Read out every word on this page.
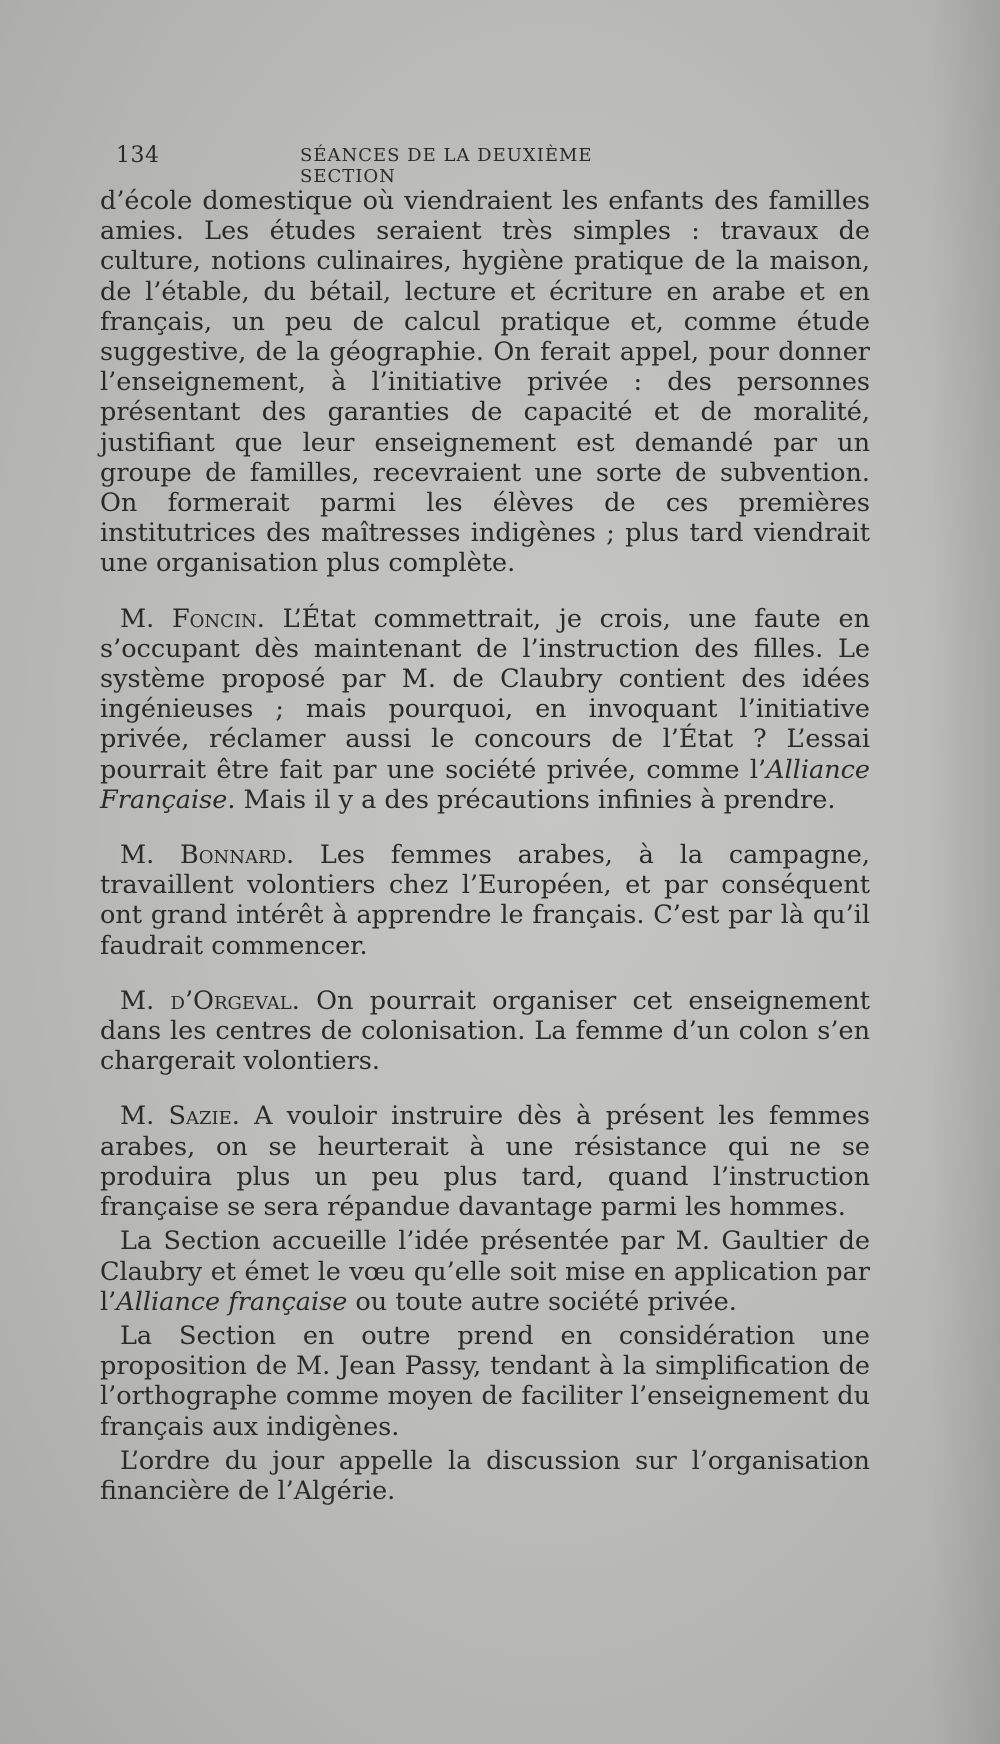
134	SÉANCES DE LA DEUXIÈME SECTION

d’école domestique où viendraient les enfants des familles amies. Les études seraient très simples : travaux de culture, notions culinaires, hygiène pratique de la maison, de l’étable, du bétail, lecture et écriture en arabe et en français, un peu de calcul pratique et, comme étude suggestive, de la géographie. On ferait appel, pour donner l’enseignement, à l’initiative privée : des personnes présentant des garanties de capacité et de moralité, justifiant que leur enseignement est demandé par un groupe de familles, recevraient une sorte de subvention. On formerait parmi les élèves de ces premières institutrices des maîtresses indigènes ; plus tard viendrait une organisation plus complète.

M. Foncin. L’État commettrait, je crois, une faute en s’occupant dès maintenant de l’instruction des filles. Le système proposé par M. de Claubry contient des idées ingénieuses ; mais pourquoi, en invoquant l’initiative privée, réclamer aussi le concours de l’État ? L’essai pourrait être fait par une société privée, comme l’Alliance Française. Mais il y a des précautions infinies à prendre.

M. Bonnard. Les femmes arabes, à la campagne, travaillent volontiers chez l’Européen, et par conséquent ont grand intérêt à apprendre le français. C’est par là qu’il faudrait commencer.

M. d’Orgeval. On pourrait organiser cet enseignement dans les centres de colonisation. La femme d’un colon s’en chargerait volontiers.

M. Sazie. A vouloir instruire dès à présent les femmes arabes, on se heurterait à une résistance qui ne se produira plus un peu plus tard, quand l’instruction française se sera répandue davantage parmi les hommes.

La Section accueille l’idée présentée par M. Gaultier de Claubry et émet le vœu qu’elle soit mise en application par l’Alliance française ou toute autre société privée.

La Section en outre prend en considération une proposition de M. Jean Passy, tendant à la simplification de l’orthographe comme moyen de faciliter l’enseignement du français aux indigènes.

L’ordre du jour appelle la discussion sur l’organisation financière de l’Algérie.
